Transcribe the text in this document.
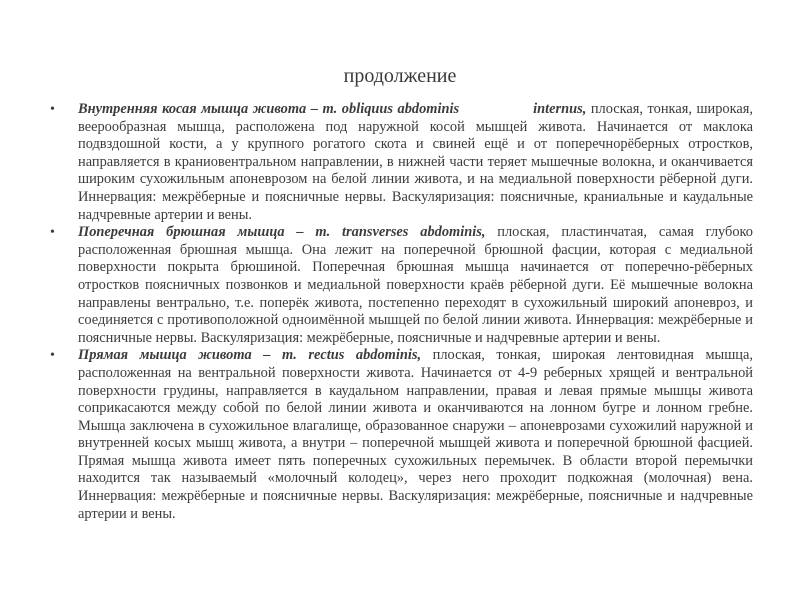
продолжение
• Внутренняя косая мышца живота – m. obliquus abdominis	internus, плоская, тонкая, широкая, веерообразная мышца, расположена под наружной косой мышцей живота. Начинается от маклока подвздошной кости, а у крупного рогатого скота и свиней ещё и от поперечнорёберных отростков, направляется в краниовентральном направлении, в нижней части теряет мышечные волокна, и оканчивается широким сухожильным апоневрозом на белой линии живота, и на медиальной поверхности рёберной дуги. Иннервация: межрёберные и поясничные нервы. Васкуляризация: поясничные, краниальные и каудальные надчревные артерии и вены.
• Поперечная брюшная мышца – m. transverses abdominis, плоская, пластинчатая, самая глубоко расположенная брюшная мышца. Она лежит на поперечной брюшной фасции, которая с медиальной поверхности покрыта брюшиной. Поперечная брюшная мышца начинается от поперечно-рёберных отростков поясничных позвонков и медиальной поверхности краёв рёберной дуги. Её мышечные волокна направлены вентрально, т.е. поперёк живота, постепенно переходят в сухожильный широкий апоневроз, и соединяется с противоположной одноимённой мышцей по белой линии живота. Иннервация: межрёберные и поясничные нервы. Васкуляризация: межрёберные, поясничные и надчревные артерии и вены.
• Прямая мышца живота – m. rectus abdominis, плоская, тонкая, широкая лентовидная мышца, расположенная на вентральной поверхности живота. Начинается от 4-9 реберных хрящей и вентральной поверхности грудины, направляется в каудальном направлении, правая и левая прямые мышцы живота соприкасаются между собой по белой линии живота и оканчиваются на лонном бугре и лонном гребне. Мышца заключена в сухожильное влагалище, образованное снаружи – апоневрозами сухожилий наружной и внутренней косых мышц живота, а внутри – поперечной мышцей живота и поперечной брюшной фасцией. Прямая мышца живота имеет пять поперечных сухожильных перемычек. В области второй перемычки находится так называемый «молочный колодец», через него проходит подкожная (молочная) вена. Иннервация: межрёберные и поясничные нервы. Васкуляризация: межрёберные, поясничные и надчревные артерии и вены.
